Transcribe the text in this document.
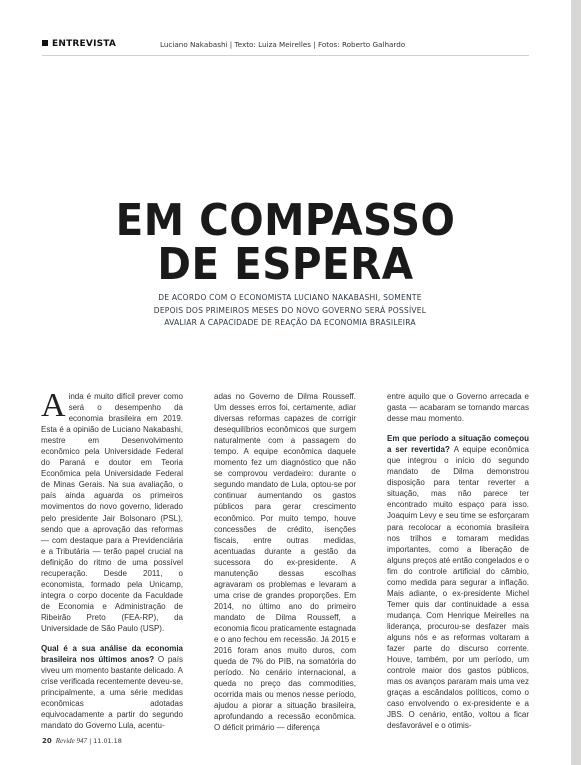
ENTREVISTA	Luciano Nakabashi | Texto: Luiza Meirelles | Fotos: Roberto Galhardo
EM COMPASSO
DE ESPERA
DE ACORDO COM O ECONOMISTA LUCIANO NAKABASHI, SOMENTE
DEPOIS DOS PRIMEIROS MESES DO NOVO GOVERNO SERÁ POSSÍVEL
AVALIAR A CAPACIDADE DE REAÇÃO DA ECONOMIA BRASILEIRA

Ainda é muito difícil prever como será o desempenho da economia brasileira em 2019. Esta é a opinião de Luciano Nakabashi, mestre em Desenvolvimento econômico pela Universidade Federal do Paraná e doutor em Teoria Econômica pela Universidade Federal de Minas Gerais. Na sua avaliação, o país ainda aguarda os primeiros movimentos do novo governo, liderado pelo presidente Jair Bolsonaro (PSL), sendo que a aprovação das reformas — com destaque para a Previdenciária e a Tributária — terão papel crucial na definição do ritmo de uma possível recuperação. Desde 2011, o economista, formado pela Unicamp, integra o corpo docente da Faculdade de Economia e Administração de Ribeirão Preto (FEA-RP), da Universidade de São Paulo (USP).

Qual é a sua análise da economia brasileira nos últimos anos? O país viveu um momento bastante delicado. A crise verificada recentemente deveu-se, principalmente, a uma série medidas econômicas adotadas equivocadamente a partir do segundo mandato do Governo Lula, acentu-

adas no Governo de Dilma Rousseff. Um desses erros foi, certamente, adiar diversas reformas capazes de corrigir desequilíbrios econômicos que surgem naturalmente com a passagem do tempo. A equipe econômica daquele momento fez um diagnóstico que não se comprovou verdadeiro: durante o segundo mandato de Lula, optou-se por continuar aumentando os gastos públicos para gerar crescimento econômico. Por muito tempo, houve concessões de crédito, isenções fiscais, entre outras medidas, acentuadas durante a gestão da sucessora do ex-presidente. A manutenção dessas escolhas agravaram os problemas e levaram a uma crise de grandes proporções. Em 2014, no último ano do primeiro mandato de Dilma Rousseff, a economia ficou praticamente estagnada e o ano fechou em recessão. Já 2015 e 2016 foram anos muito duros, com queda de 7% do PIB, na somatória do período. No cenário internacional, a queda no preço das commodities, ocorrida mais ou menos nesse período, ajudou a piorar a situação brasileira, aprofundando a recessão econômica. O déficit primário — diferença

entre aquilo que o Governo arrecada e gasta — acabaram se tornando marcas desse mau momento.

Em que período a situação começou a ser revertida? A equipe econômica que integrou o início do segundo mandato de Dilma demonstrou disposição para tentar reverter a situação, mas não parece ter encontrado muito espaço para isso. Joaquim Levy e seu time se esforçaram para recolocar a economia brasileira nos trilhos e tomaram medidas importantes, como a liberação de alguns preços até então congelados e o fim do controle artificial do câmbio, como medida para segurar a inflação. Mais adiante, o ex-presidente Michel Temer quis dar continuidade a essa mudança. Com Henrique Meirelles na liderança, procurou-se desfazer mais alguns nós e as reformas voltaram a fazer parte do discurso corrente. Houve, também, por um período, um controle maior dos gastos públicos, mas os avanços pararam mais uma vez graças a escândalos políticos, como o caso envolvendo o ex-presidente e a JBS. O cenário, então, voltou a ficar desfavorável e o otimis-

20 Revide 947 | 11.01.18
